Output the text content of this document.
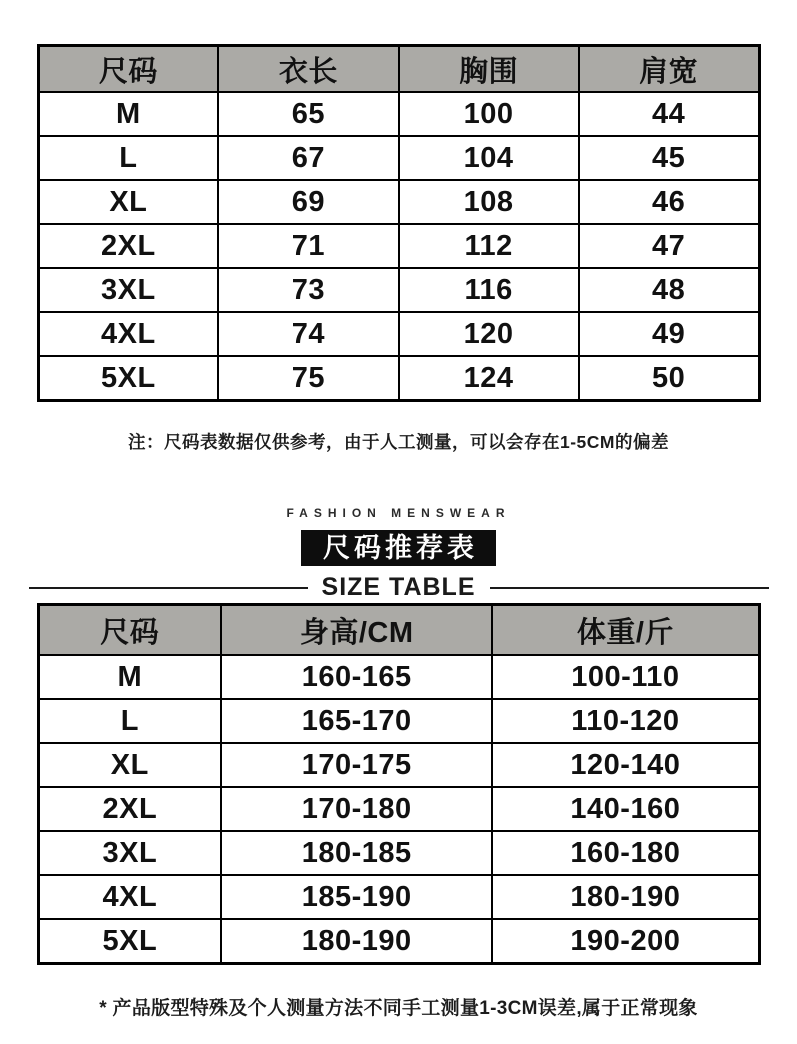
尺码	衣长	胸围	肩宽
M	65	100	44
L	67	104	45
XL	69	108	46
2XL	71	112	47
3XL	73	116	48
4XL	74	120	49
5XL	75	124	50
注：尺码表数据仅供参考，由于人工测量，可以会存在1-5CM的偏差
FASHION MENSWEAR
尺码推荐表
SIZE TABLE
尺码	身高/CM	体重/斤
M	160-165	100-110
L	165-170	110-120
XL	170-175	120-140
2XL	170-180	140-160
3XL	180-185	160-180
4XL	185-190	180-190
5XL	180-190	190-200
* 产品版型特殊及个人测量方法不同手工测量1-3CM误差,属于正常现象
